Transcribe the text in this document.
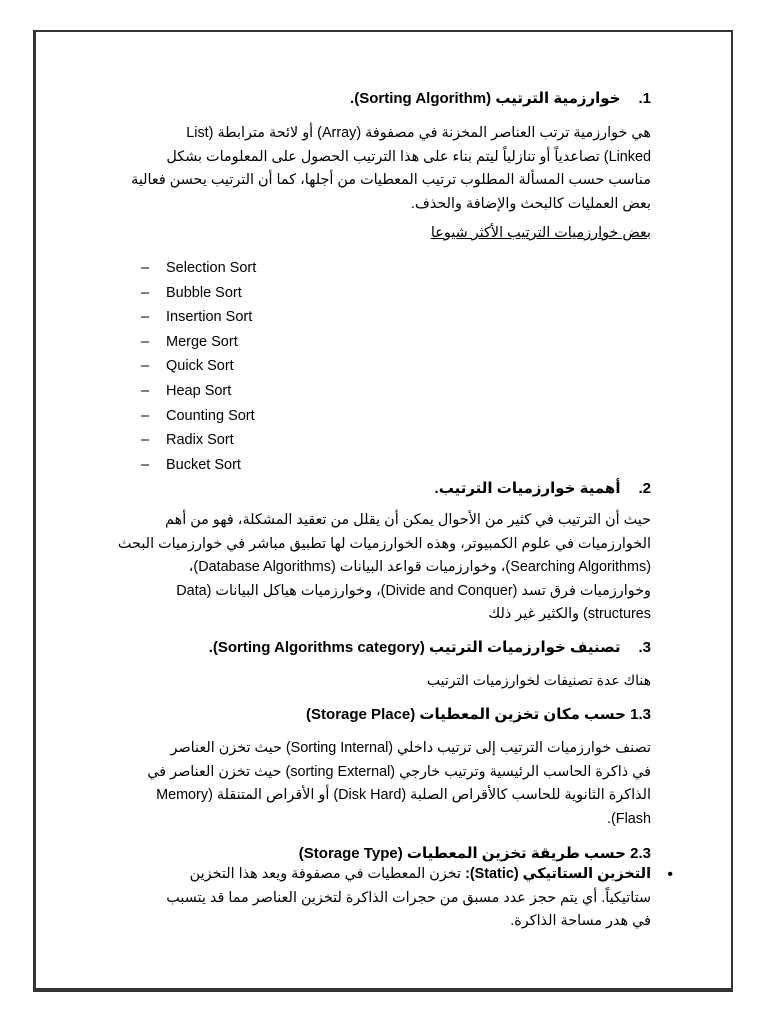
1.خوارزمية الترتيب (Sorting Algorithm).

هي خوارزمية ترتب العناصر المخزنة في مصفوفة (Array) أو لائحة مترابطة (List

Linked) تصاعدياً أو تنازلياً ليتم بناء على هذا الترتيب الحصول على المعلومات بشكل

مناسب حسب المسألة المطلوب ترتيب المعطيات من أجلها، كما أن الترتيب يحسن فعالية

بعض العمليات كالبحث والإضافة والحذف.

بعض خوارزميات الترتيب الأكثر شيوعا
– Selection Sort
– Bubble Sort
– Insertion Sort
– Merge Sort
– Quick Sort
– Heap Sort
– Counting Sort
– Radix Sort
– Bucket Sort
2.أهمية خوارزميات الترتيب.

حيث أن الترتيب في كثير من الأحوال يمكن أن يقلل من تعقيد المشكلة، فهو من أهم

الخوارزميات في علوم الكمبيوتر، وهذه الخوارزميات لها تطبيق مباشر في خوارزميات البحث

(Searching Algorithms)، وخوارزميات قواعد البيانات (Database Algorithms)،

وخوارزميات فرق تسد (Divide and Conquer)، وخوارزميات هياكل البيانات (Data

structures) والكثير غير ذلك

3.تصنيف خوارزميات الترتيب (Sorting Algorithms category).
هناك عدة تصنيفات لخوارزميات الترتيب
1.3 حسب مكان تخزين المعطيات (Storage Place)

تصنف خوارزميات الترتيب إلى ترتيب داخلي (Sorting Internal) حيث تخزن العناصر

في ذاكرة الحاسب الرئيسية وترتيب خارجي (sorting External) حيث تخزن العناصر في

الذاكرة الثانوية للحاسب كالأقراص الصلبة (Disk Hard) أو الأقراص المتنقلة (Memory

Flash).

2.3 حسب طريقة تخزين المعطيات (Storage Type)
•

التخزين الستاتيكي (Static): تخزن المعطيات في مصفوفة ويعد هذا التخزين

ستاتيكياً. أي يتم حجز عدد مسبق من حجرات الذاكرة لتخزين العناصر مما قد يتسبب

في هدر مساحة الذاكرة.
